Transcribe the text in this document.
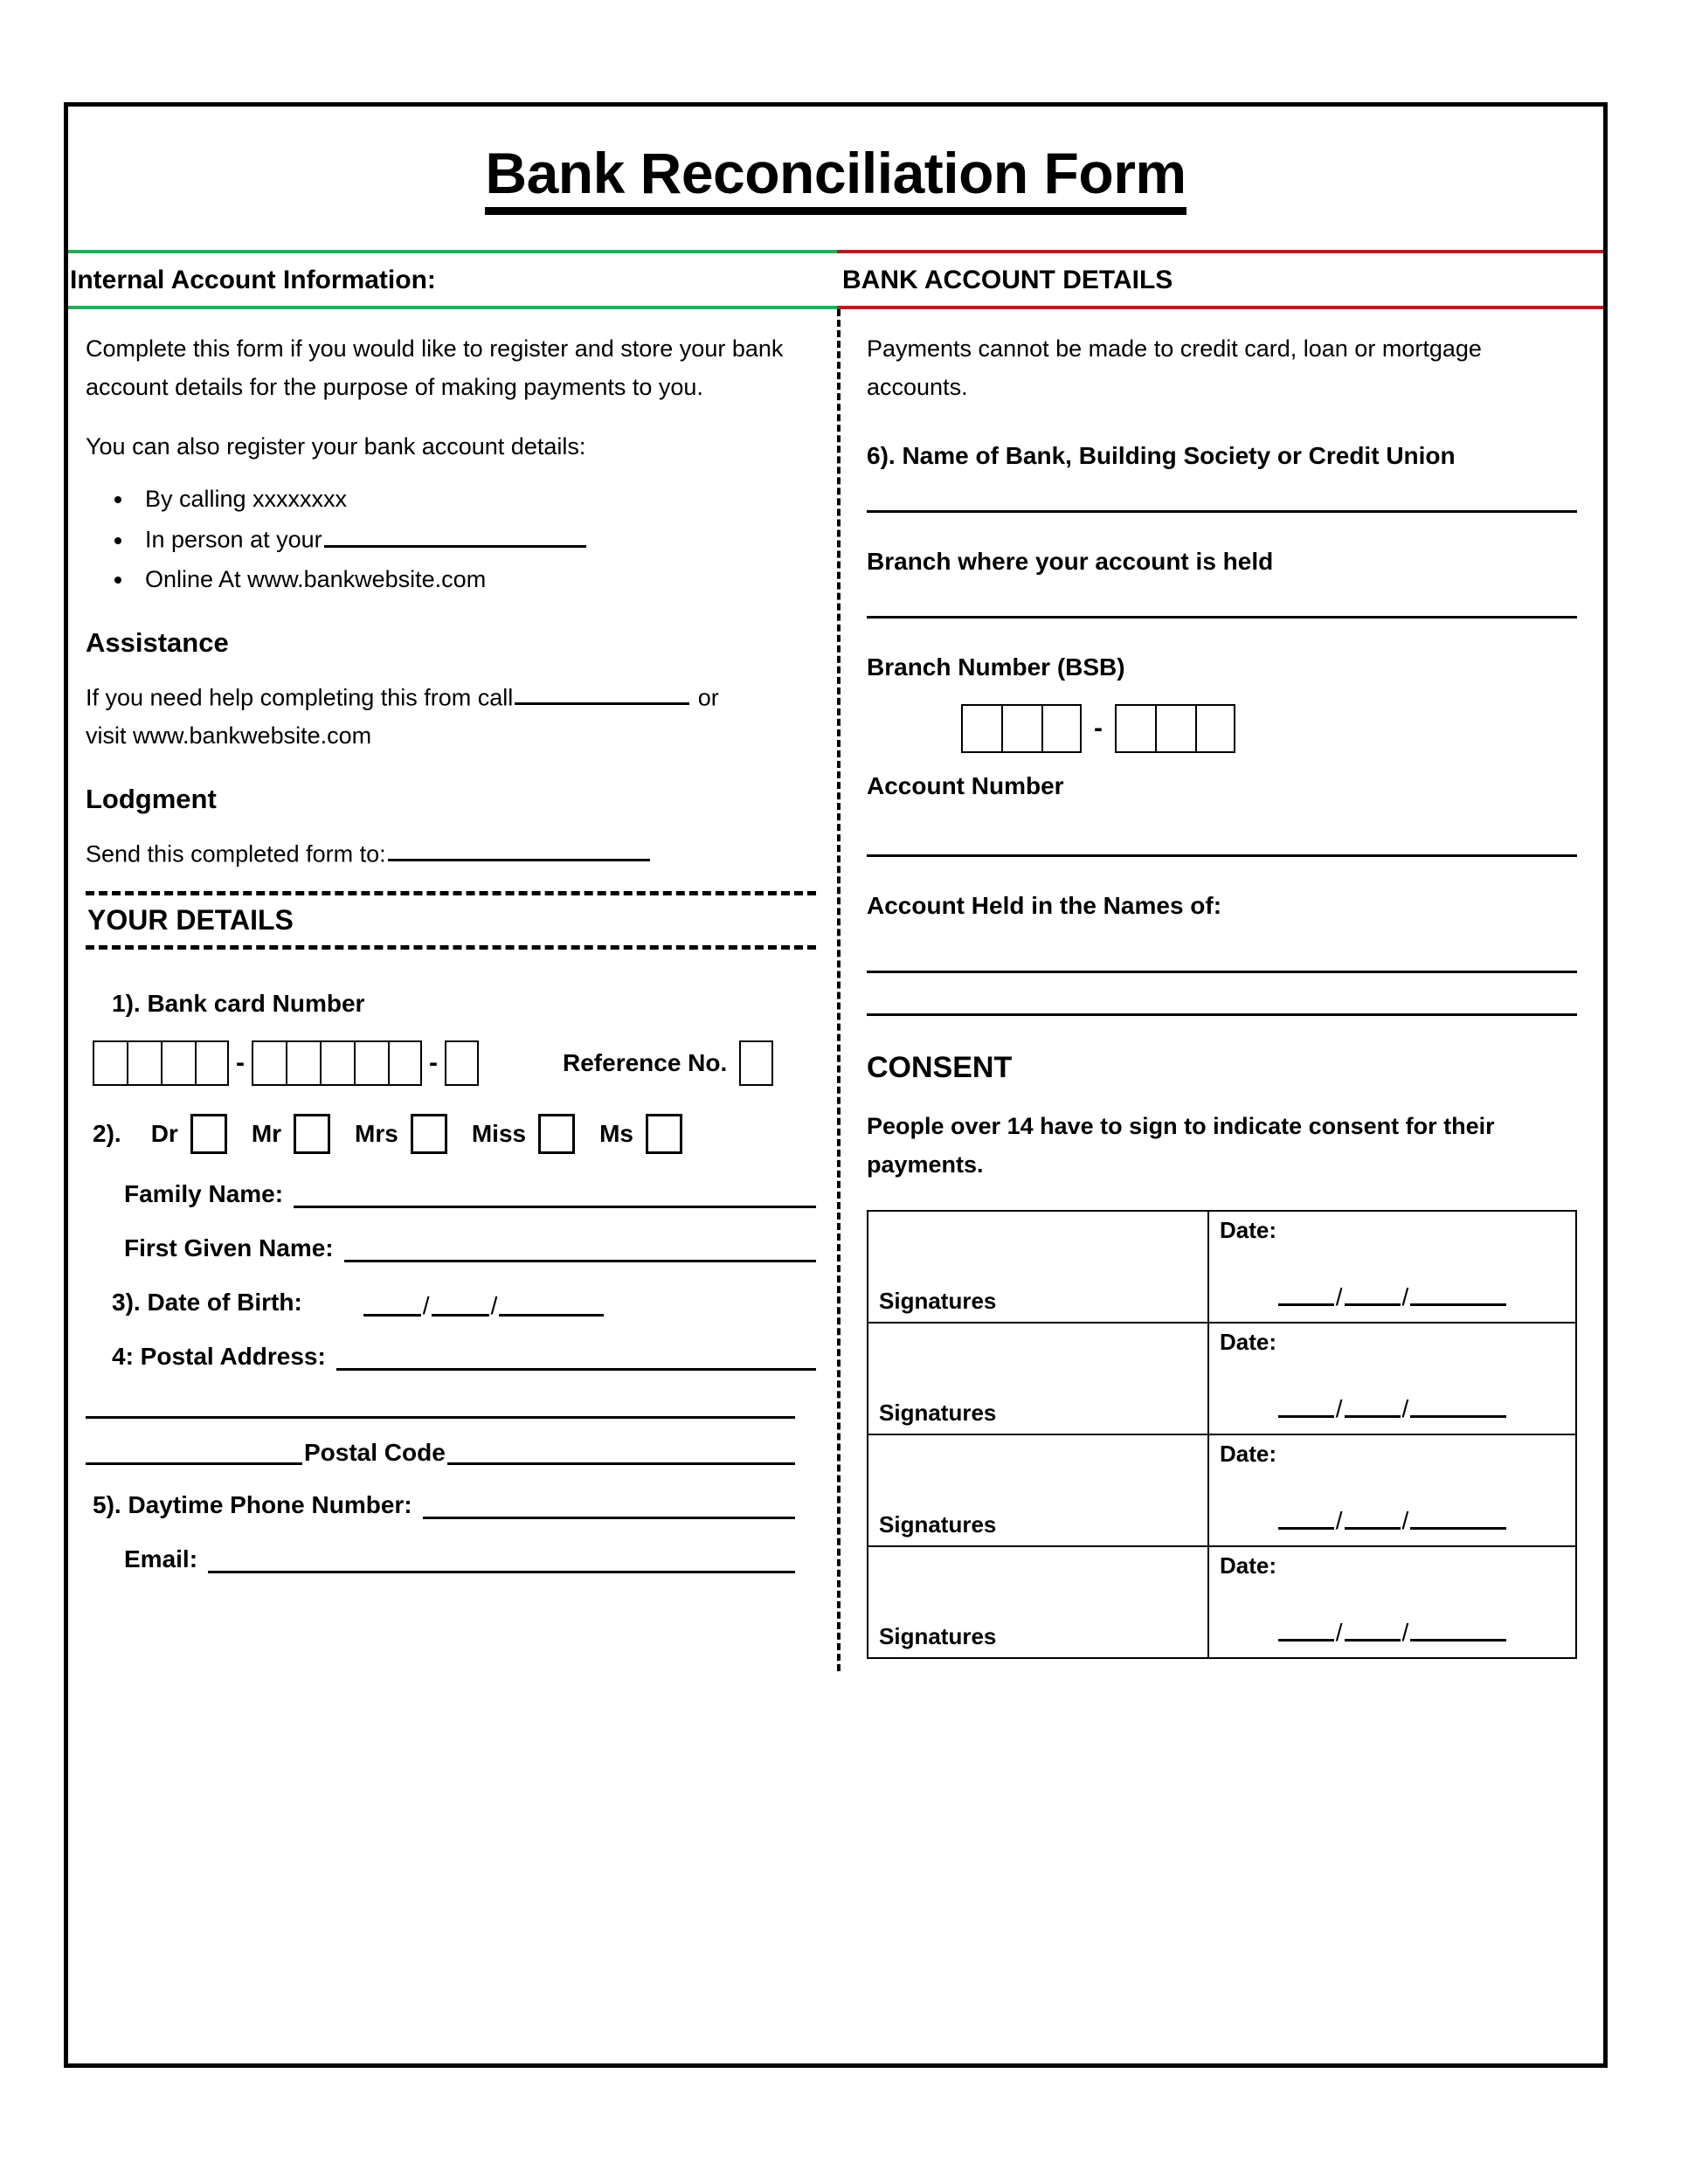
Bank Reconciliation Form
Internal Account Information:	BANK ACCOUNT DETAILS
Complete this form if you would like to register and store your bank account details for the purpose of making payments to you.
You can also register your bank account details:
• By calling xxxxxxxx
• In person at your
• Online At www.bankwebsite.com
Assistance
If you need help completing this from call	or
visit www.bankwebsite.com
Lodgment
Send this completed form to:
YOUR DETAILS
1). Bank card Number
-	-	Reference No.
2). Dr	Mr	Mrs	Miss	Ms
Family Name:
First Given Name:
3). Date of Birth:	/	/
4: Postal Address:
Postal Code
5). Daytime Phone Number:
Email:
Payments cannot be made to credit card, loan or mortgage accounts.
6). Name of Bank, Building Society or Credit Union
Branch where your account is held
Branch Number (BSB)
-
Account Number
Account Held in the Names of:
CONSENT
People over 14 have to sign to indicate consent for their payments.
Signatures
Date:
/ /
Signatures
Date:
/ /
Signatures
Date:
/ /
Signatures
Date:
/ /
